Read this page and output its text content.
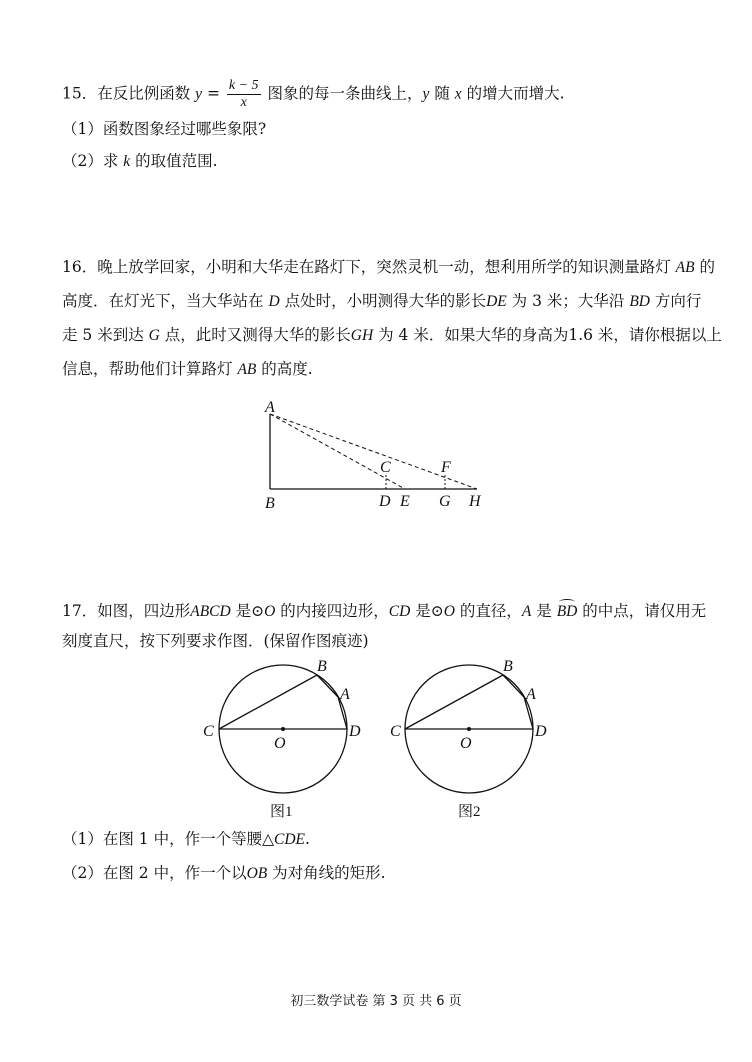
15．在反比例函数 $y = \frac{k - 5}{x}$ 图象的每一条曲线上，y 随 x 的增大而增大.
（1）函数图象经过哪些象限?
（2）求 k 的取值范围.
16．晚上放学回家，小明和大华走在路灯下，突然灵机一动，想利用所学的知识测量路灯 AB 的
高度．在灯光下，当大华站在 D 点处时，小明测得大华的影长DE 为 3 米；大华沿 BD 方向行
走 5 米到达 G 点，此时又测得大华的影长GH 为 4 米．如果大华的身高为1.6 米，请你根据以上
信息，帮助他们计算路灯 AB 的高度.
A
B
C
D E
F
G H
17．如图，四边形ABCD 是⊙O 的内接四边形，CD 是⊙O 的直径，A 是 BD 的中点，请仅用无
刻度直尺，按下列要求作图．(保留作图痕迹)
B
A
C
O
D
图1
B
A
C
O
D
图2
（1）在图 1 中，作一个等腰△CDE.
（2）在图 2 中，作一个以OB 为对角线的矩形.
初三数学试卷 第 3 页 共 6 页
